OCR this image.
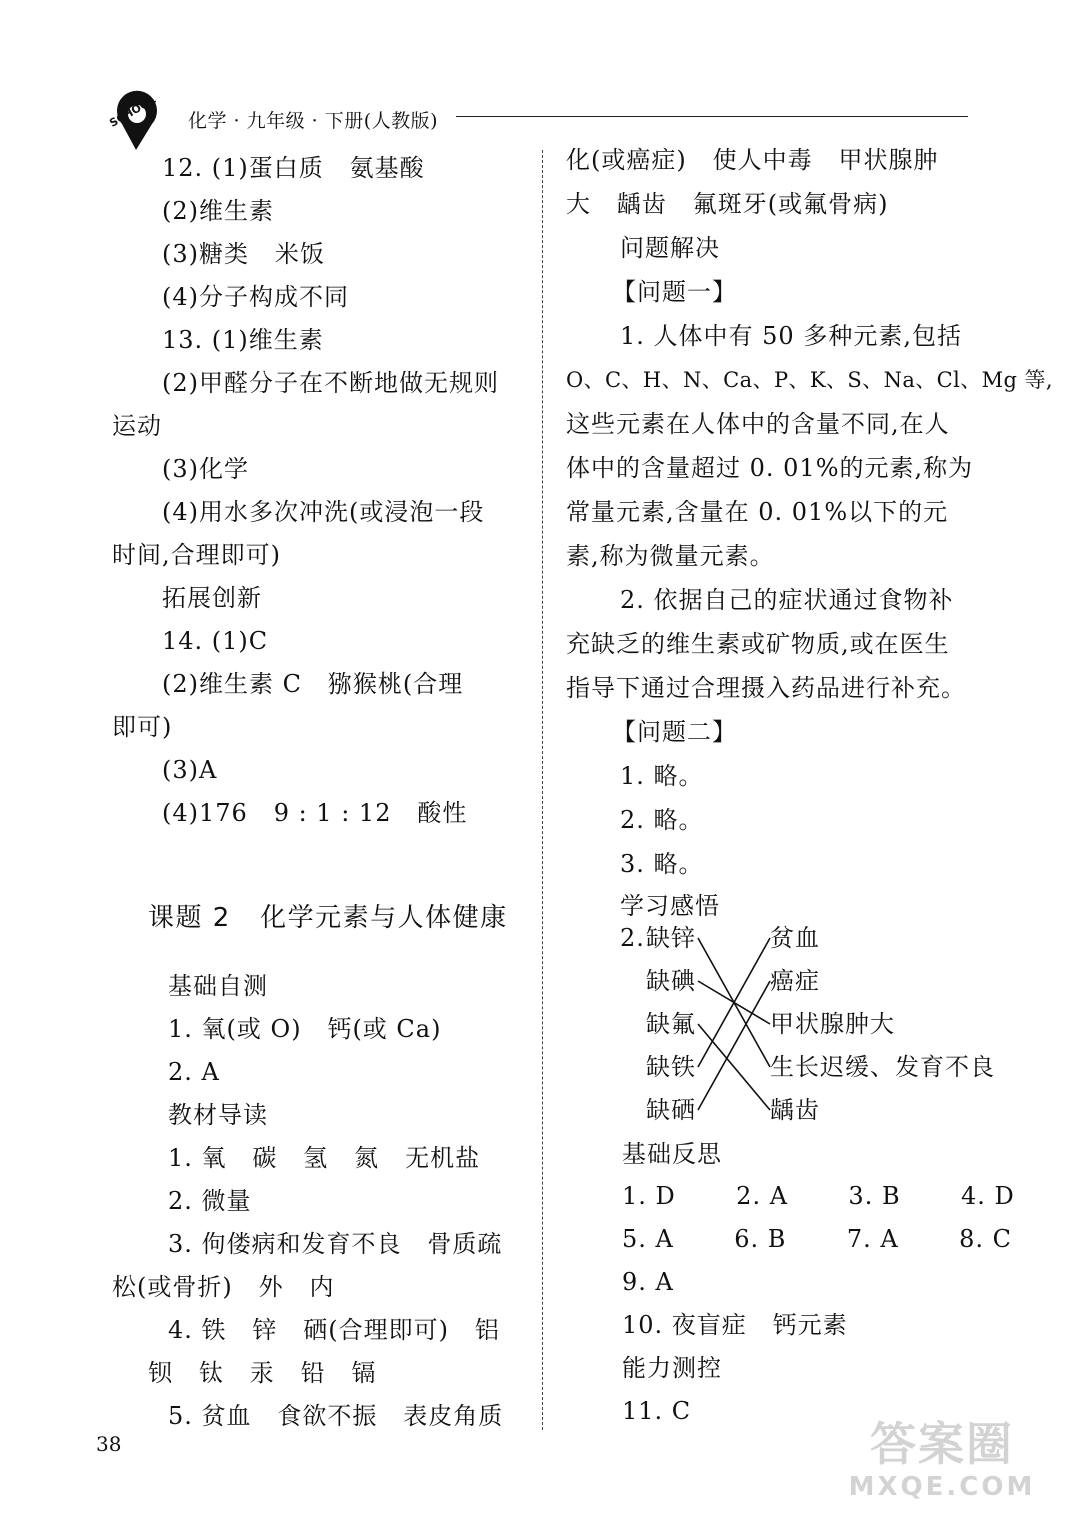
SCHOOL 化学 · 九年级 · 下册(人教版)
12. (1)蛋白质   氨基酸
(2)维生素
(3)糖类   米饭
(4)分子构成不同
13. (1)维生素
(2)甲醛分子在不断地做无规则
运动
(3)化学
(4)用水多次冲洗(或浸泡一段
时间,合理即可)
拓展创新
14. (1)C
(2)维生素 C   猕猴桃(合理
即可)
(3)A
(4)176   9 : 1 : 12   酸性
课题 2   化学元素与人体健康
基础自测
1. 氧(或 O)   钙(或 Ca)
2. A
教材导读
1. 氧   碳   氢   氮   无机盐
2. 微量
3. 佝偻病和发育不良   骨质疏
松(或骨折)   外   内
4. 铁   锌   硒(合理即可)   铝
钡   钛   汞   铅   镉
5. 贫血   食欲不振   表皮角质
化(或癌症)   使人中毒   甲状腺肿
大   龋齿   氟斑牙(或氟骨病)
问题解决
【问题一】
1. 人体中有 50 多种元素,包括
O、C、H、N、Ca、P、K、S、Na、Cl、Mg 等,
这些元素在人体中的含量不同,在人
体中的含量超过 0. 01%的元素,称为
常量元素,含量在 0. 01%以下的元
素,称为微量元素。
2. 依据自己的症状通过食物补
充缺乏的维生素或矿物质,或在医生
指导下通过合理摄入药品进行补充。
【问题二】
1. 略。
2. 略。
3. 略。
学习感悟
2. 缺锌
缺碘
缺氟
缺铁
缺硒
贫血
癌症
甲状腺肿大
生长迟缓、发育不良
龋齿
基础反思
1. D       2. A       3. B       4. D
5. A       6. B       7. A       8. C
9. A
10. 夜盲症   钙元素
能力测控
11. C
38	答案圈
MXQE.COM
